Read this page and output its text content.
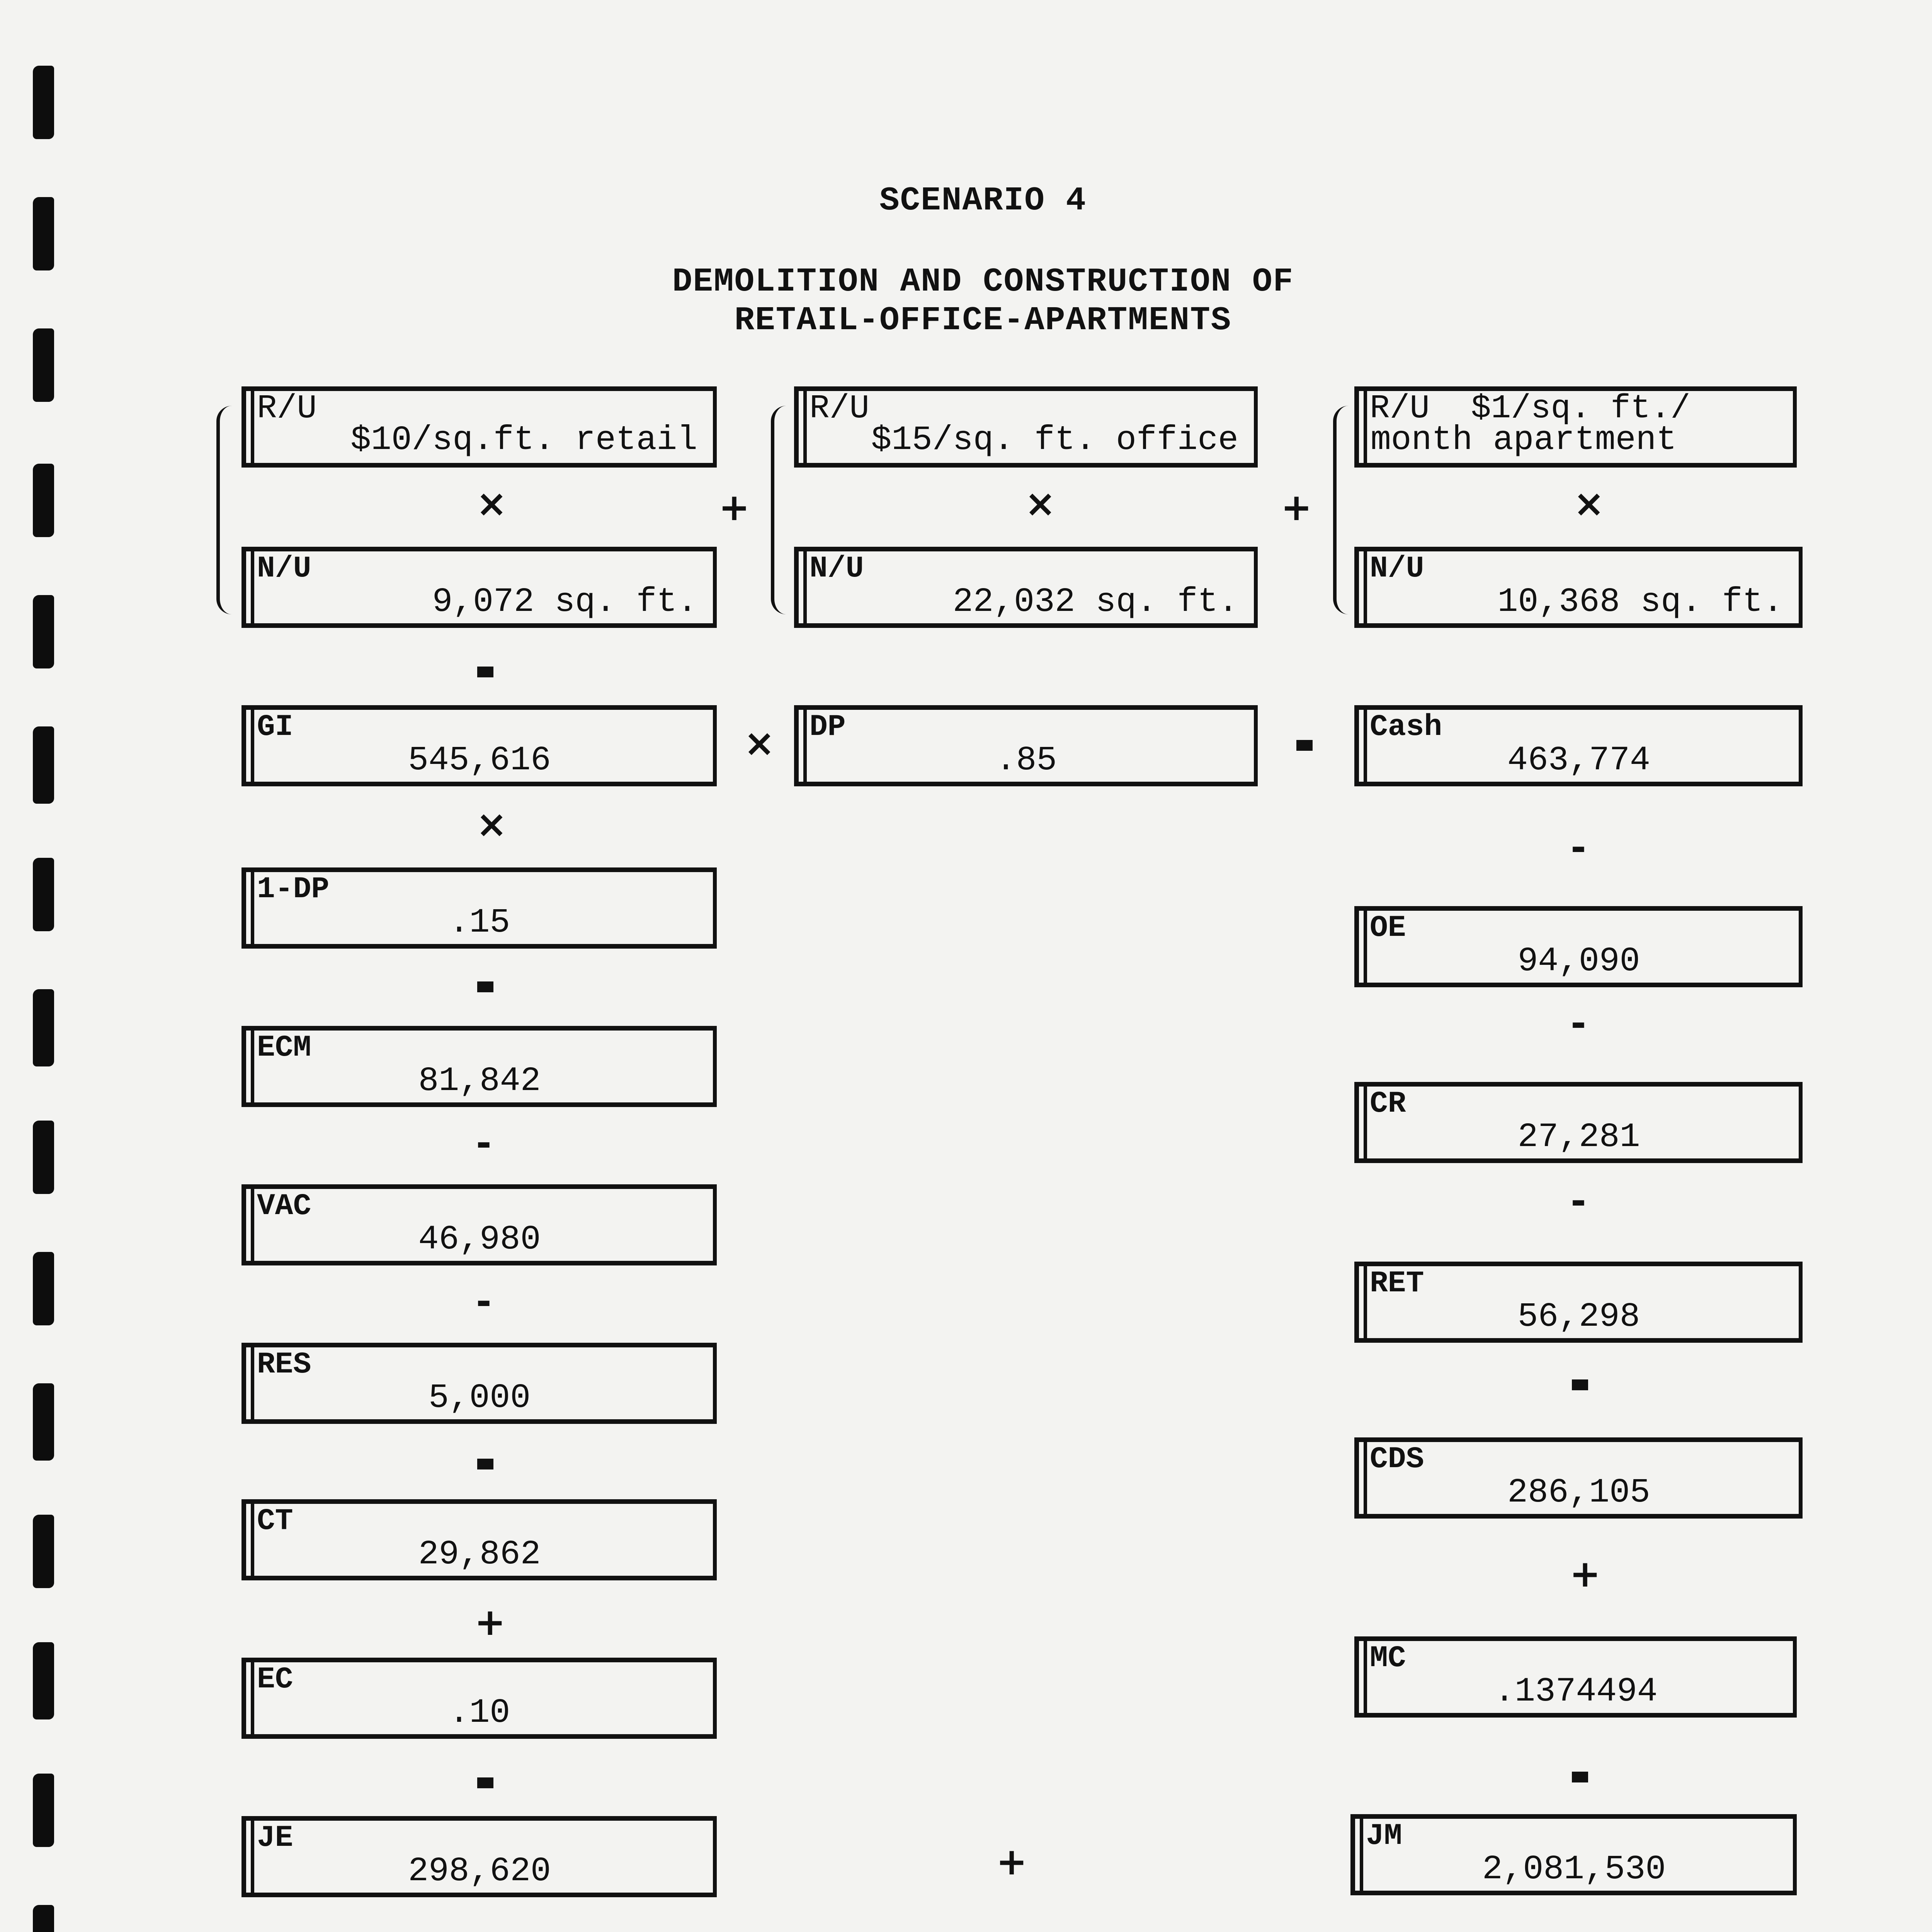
SCENARIO 4
DEMOLITION AND CONSTRUCTION OF
RETAIL-OFFICE-APARTMENTS
R/U
$10/sq.ft. retail
×
N/U
9,072 sq. ft.
+
R/U
$15/sq. ft. office
×
N/U
22,032 sq. ft.
+
R/U	$1/sq. ft./
month apartment
×
N/U
10,368 sq. ft.
GI
545,616	× DP
.85
Cash
463,774
×
1-DP
.15
ECM
81,842
-
VAC
46,980
-
RES
5,000
CT
29,862
+
EC
.10
JE
298,620
-
OE
94,090
-
CR
27,281
-
RET
56,298
CDS
286,105
+
MC
.1374494
JM
2,081,530
+
